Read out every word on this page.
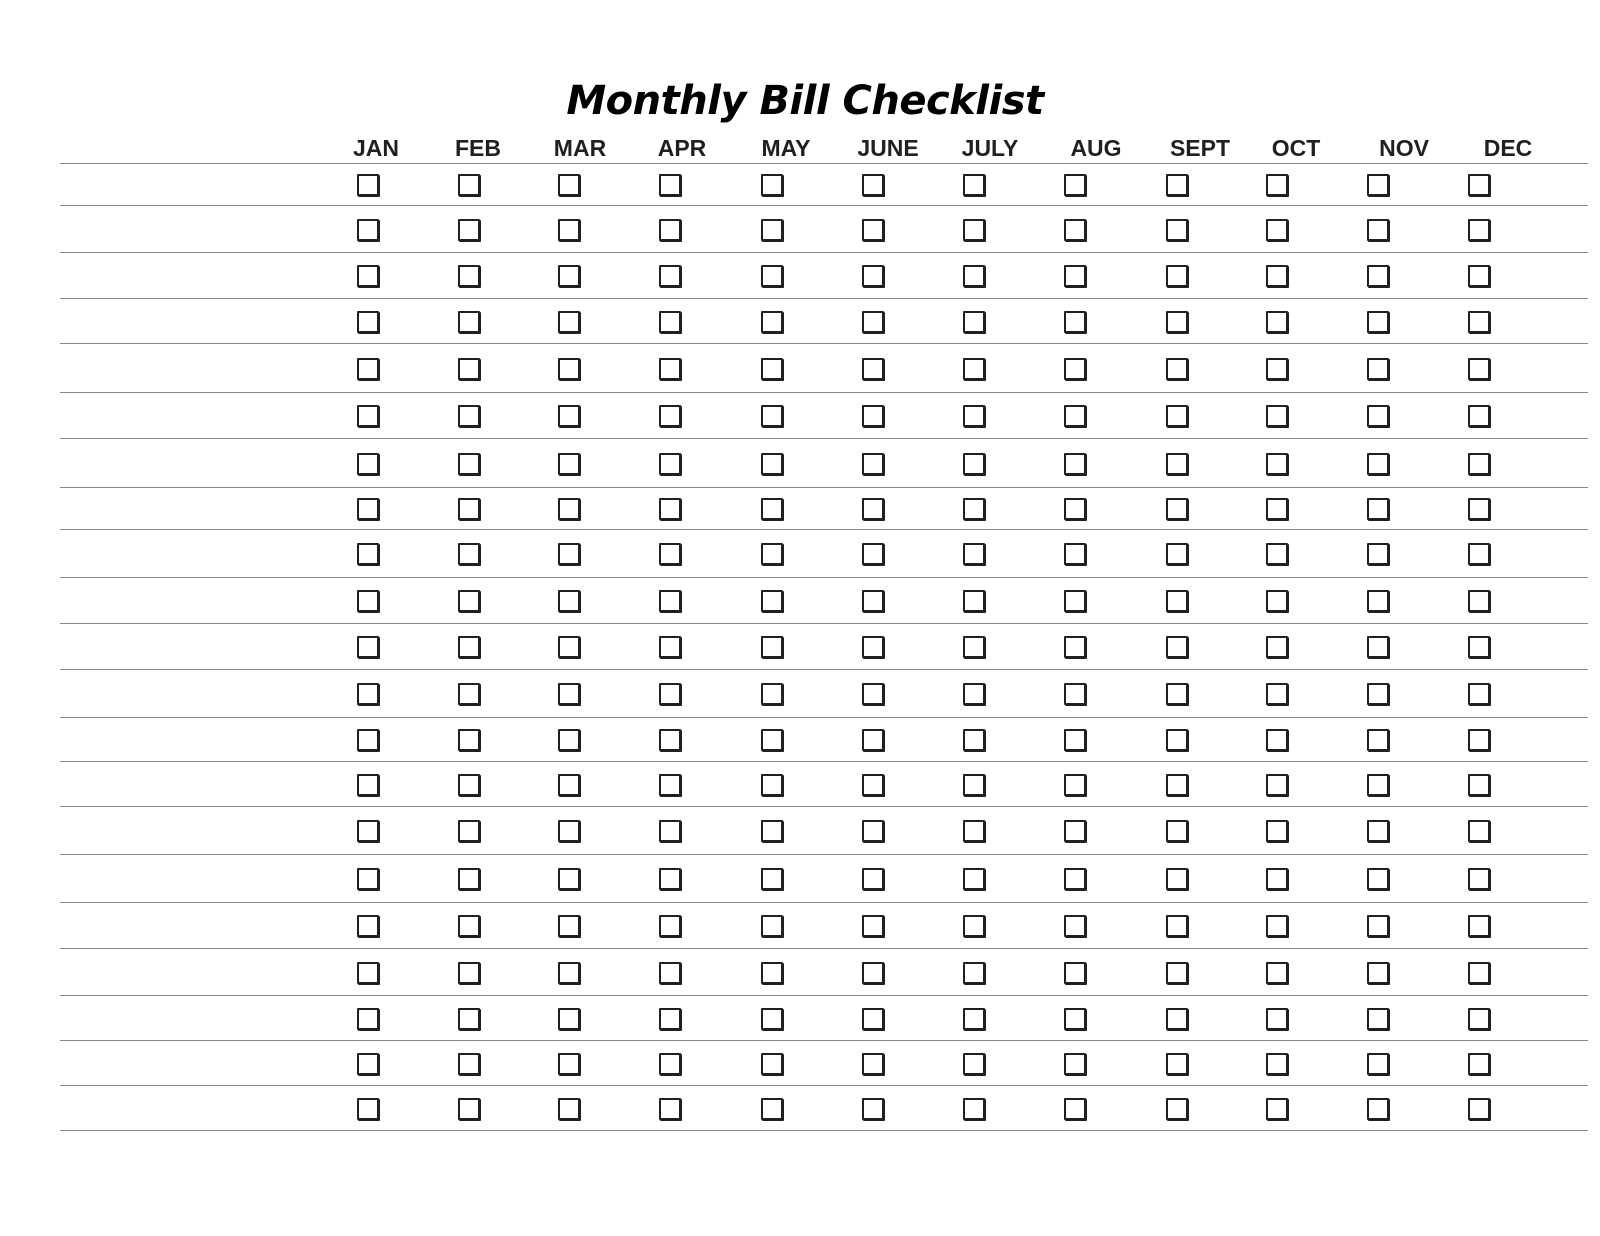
Monthly Bill Checklist
JAN	FEB	MAR	APR	MAY	JUNE	JULY	AUG	SEPT	OCT	NOV	DEC
